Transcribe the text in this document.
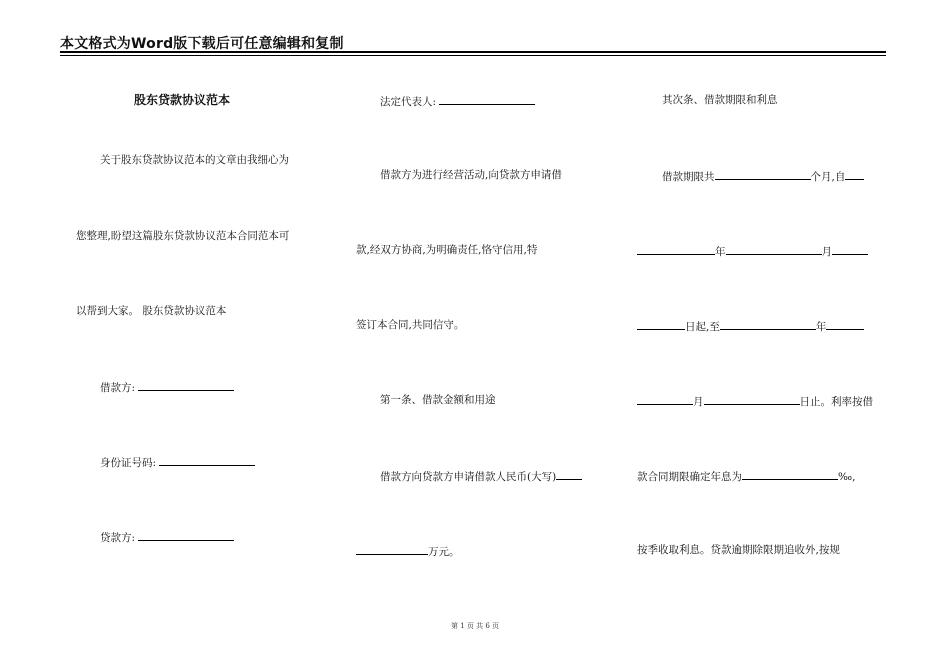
本文格式为Word版下载后可任意编辑和复制
股东贷款协议范本
关于股东贷款协议范本的文章由我细心为
您整理,盼望这篇股东贷款协议范本合同范本可
以帮到大家。 股东贷款协议范本
借款方:
身份证号码:
贷款方:
法定代表人:
借款方为进行经营活动,向贷款方申请借
款,经双方协商,为明确责任,恪守信用,特
签订本合同,共同信守。
第一条、借款金额和用途
借款方向贷款方申请借款人民币(大写)
万元。
其次条、借款期限和利息
借款期限共	个月,自
年	月
日起,至	年
月	日止。利率按借
款合同期限确定年息为	‰,
按季收取利息。贷款逾期除限期追收外,按规
第 1 页 共 6 页
